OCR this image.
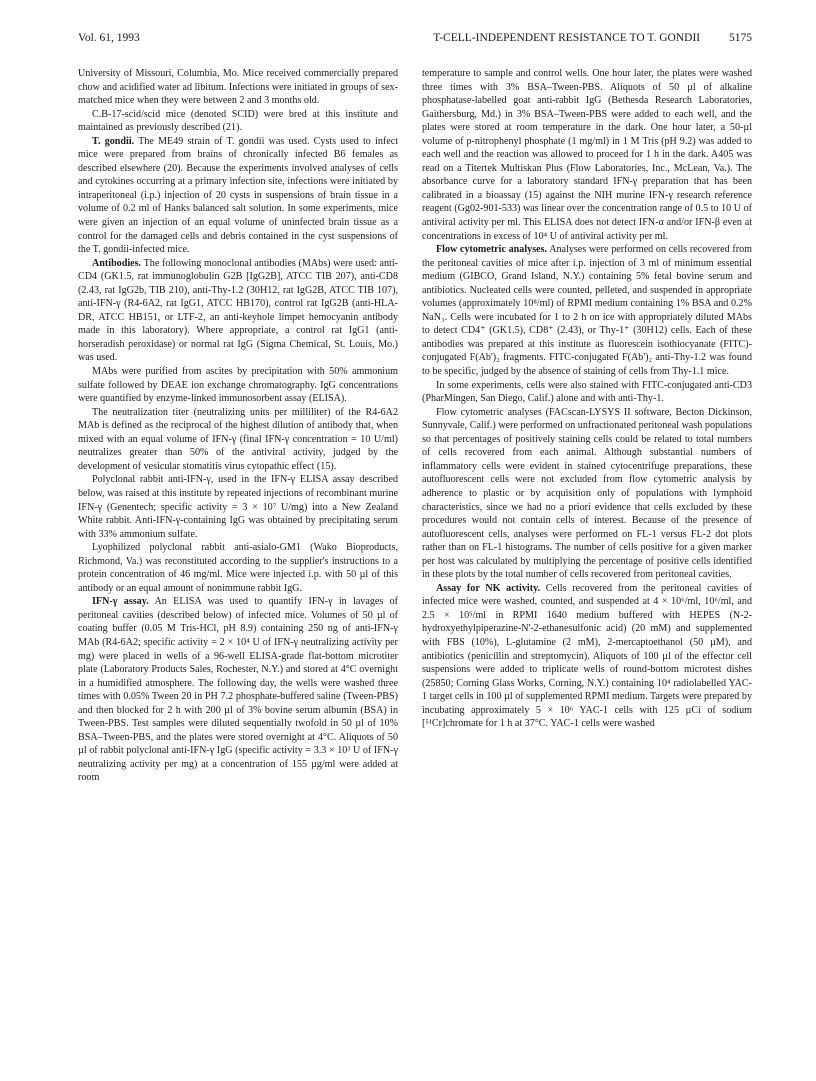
Vol. 61, 1993	T-CELL-INDEPENDENT RESISTANCE TO T. GONDII	5175

University of Missouri, Columbia, Mo. Mice received commercially prepared chow and acidified water ad libitum. Infections were initiated in groups of sex-matched mice when they were between 2 and 3 months old.

C.B-17-scid/scid mice (denoted SCID) were bred at this institute and maintained as previously described (21).

T. gondii. The ME49 strain of T. gondii was used. Cysts used to infect mice were prepared from brains of chronically infected B6 females as described elsewhere (20). Because the experiments involved analyses of cells and cytokines occurring at a primary infection site, infections were initiated by intraperitoneal (i.p.) injection of 20 cysts in suspensions of brain tissue in a volume of 0.2 ml of Hanks balanced salt solution. In some experiments, mice were given an injection of an equal volume of uninfected brain tissue as a control for the damaged cells and debris contained in the cyst suspensions of the T. gondii-infected mice.

Antibodies. The following monoclonal antibodies (MAbs) were used: anti-CD4 (GK1.5, rat immunoglobulin G2B [IgG2B], ATCC TIB 207), anti-CD8 (2.43, rat IgG2b, TIB 210), anti-Thy-1.2 (30H12, rat IgG2B, ATCC TIB 107), anti-IFN-γ (R4-6A2, rat IgG1, ATCC HB170), control rat IgG2B (anti-HLA-DR, ATCC HB151, or LTF-2, an anti-keyhole limpet hemocyanin antibody made in this laboratory). Where appropriate, a control rat IgG1 (anti-horseradish peroxidase) or normal rat IgG (Sigma Chemical, St. Louis, Mo.) was used.

MAbs were purified from ascites by precipitation with 50% ammonium sulfate followed by DEAE ion exchange chromatography. IgG concentrations were quantified by enzyme-linked immunosorbent assay (ELISA).

The neutralization titer (neutralizing units per milliliter) of the R4-6A2 MAb is defined as the reciprocal of the highest dilution of antibody that, when mixed with an equal volume of IFN-γ (final IFN-γ concentration = 10 U/ml) neutralizes greater than 50% of the antiviral activity, judged by the development of vesicular stomatitis virus cytopathic effect (15).

Polyclonal rabbit anti-IFN-γ, used in the IFN-γ ELISA assay described below, was raised at this institute by repeated injections of recombinant murine IFN-γ (Genentech; specific activity = 3 × 10⁷ U/mg) into a New Zealand White rabbit. Anti-IFN-γ-containing IgG was obtained by precipitating serum with 33% ammonium sulfate.

Lyophilized polyclonal rabbit anti-asialo-GM1 (Wako Bioproducts, Richmond, Va.) was reconstituted according to the supplier's instructions to a protein concentration of 46 mg/ml. Mice were injected i.p. with 50 µl of this antibody or an equal amount of nonimmune rabbit IgG.

IFN-γ assay. An ELISA was used to quantify IFN-γ in lavages of peritoneal cavities (described below) of infected mice. Volumes of 50 µl of coating buffer (0.05 M Tris-HCl, pH 8.9) containing 250 ng of anti-IFN-γ MAb (R4-6A2; specific activity = 2 × 10⁴ U of IFN-γ neutralizing activity per mg) were placed in wells of a 96-well ELISA-grade flat-bottom microtiter plate (Laboratory Products Sales, Rochester, N.Y.) and stored at 4°C overnight in a humidified atmosphere. The following day, the wells were washed three times with 0.05% Tween 20 in PH 7.2 phosphate-buffered saline (Tween-PBS) and then blocked for 2 h with 200 µl of 3% bovine serum albumin (BSA) in Tween-PBS. Test samples were diluted sequentially twofold in 50 µl of 10% BSA–Tween-PBS, and the plates were stored overnight at 4°C. Aliquots of 50 µl of rabbit polyclonal anti-IFN-γ IgG (specific activity = 3.3 × 10³ U of IFN-γ neutralizing activity per mg) at a concentration of 155 µg/ml were added at room

temperature to sample and control wells. One hour later, the plates were washed three times with 3% BSA–Tween-PBS. Aliquots of 50 µl of alkaline phosphatase-labelled goat anti-rabbit IgG (Bethesda Research Laboratories, Gaithersburg, Md.) in 3% BSA–Tween-PBS were added to each well, and the plates were stored at room temperature in the dark. One hour later, a 50-µl volume of p-nitrophenyl phosphate (1 mg/ml) in 1 M Tris (pH 9.2) was added to each well and the reaction was allowed to proceed for 1 h in the dark. A405 was read on a Titertek Multiskan Plus (Flow Laboratories, Inc., McLean, Va.). The absorbance curve for a laboratory standard IFN-γ preparation that has been calibrated in a bioassay (15) against the NIH murine IFN-γ research reference reagent (Gg02-901-533) was linear over the concentration range of 0.5 to 10 U of antiviral activity per ml. This ELISA does not detect IFN-α and/or IFN-β even at concentrations in excess of 10⁴ U of antiviral activity per ml.

Flow cytometric analyses. Analyses were performed on cells recovered from the peritoneal cavities of mice after i.p. injection of 3 ml of minimum essential medium (GIBCO, Grand Island, N.Y.) containing 5% fetal bovine serum and antibiotics. Nucleated cells were counted, pelleted, and suspended in appropriate volumes (approximately 10⁸/ml) of RPMI medium containing 1% BSA and 0.2% NaN₃. Cells were incubated for 1 to 2 h on ice with appropriately diluted MAbs to detect CD4⁺ (GK1.5), CD8⁺ (2.43), or Thy-1⁺ (30H12) cells. Each of these antibodies was prepared at this institute as fluorescein isothiocyanate (FITC)-conjugated F(Ab')₂ fragments. FITC-conjugated F(Ab')₂ anti-Thy-1.2 was found to be specific, judged by the absence of staining of cells from Thy-1.1 mice.

In some experiments, cells were also stained with FITC-conjugated anti-CD3 (PharMingen, San Diego, Calif.) alone and with anti-Thy-1.

Flow cytometric analyses (FACscan-LYSYS II software, Becton Dickinson, Sunnyvale, Calif.) were performed on unfractionated peritoneal wash populations so that percentages of positively staining cells could be related to total numbers of cells recovered from each animal. Although substantial numbers of inflammatory cells were evident in stained cytocentrifuge preparations, these autofluorescent cells were not excluded from flow cytometric analysis by adherence to plastic or by acquisition only of populations with lymphoid characteristics, since we had no a priori evidence that cells excluded by these procedures would not contain cells of interest. Because of the presence of autofluorescent cells, analyses were performed on FL-1 versus FL-2 dot plots rather than on FL-1 histograms. The number of cells positive for a given marker per host was calculated by multiplying the percentage of positive cells identified in these plots by the total number of cells recovered from peritoneal cavities.

Assay for NK activity. Cells recovered from the peritoneal cavities of infected mice were washed, counted, and suspended at 4 × 10⁶/ml, 10⁶/ml, and 2.5 × 10⁵/ml in RPMI 1640 medium buffered with HEPES (N-2-hydroxyethylpiperazine-N'-2-ethanesulfonic acid) (20 mM) and supplemented with FBS (10%), L-glutamine (2 mM), 2-mercaptoethanol (50 µM), and antibiotics (penicillin and streptomycin). Aliquots of 100 µl of the effector cell suspensions were added to triplicate wells of round-bottom microtest dishes (25850; Corning Glass Works, Corning, N.Y.) containing 10⁴ radiolabelled YAC-1 target cells in 100 µl of supplemented RPMI medium. Targets were prepared by incubating approximately 5 × 10⁶ YAC-1 cells with 125 µCi of sodium [⁵¹Cr]chromate for 1 h at 37°C. YAC-1 cells were washed
